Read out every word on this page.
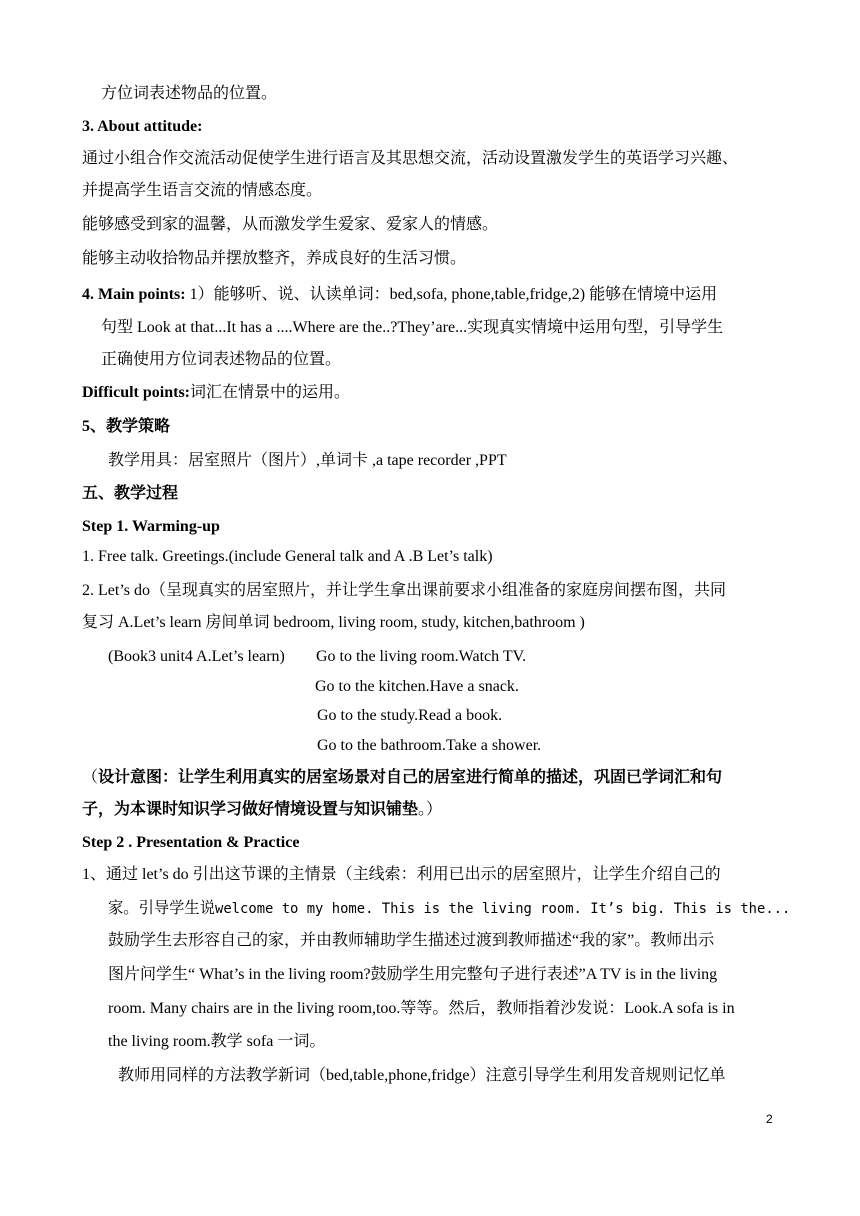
方位词表述物品的位置。
3. About attitude:
通过小组合作交流活动促使学生进行语言及其思想交流，活动设置激发学生的英语学习兴趣、
并提高学生语言交流的情感态度。
能够感受到家的温馨，从而激发学生爱家、爱家人的情感。
能够主动收拾物品并摆放整齐，养成良好的生活习惯。
4. Main points: 1）能够听、说、认读单词：bed,sofa, phone,table,fridge,2) 能够在情境中运用
句型 Look at that...It has a ....Where are the..?They’are...实现真实情境中运用句型，引导学生
正确使用方位词表述物品的位置。
Difficult points:词汇在情景中的运用。
5、教学策略
教学用具：居室照片（图片）,单词卡 ,a tape recorder ,PPT
五、教学过程
Step 1. Warming-up
1. Free talk. Greetings.(include General talk and A .B Let’s talk)
2. Let’s do（呈现真实的居室照片，并让学生拿出课前要求小组准备的家庭房间摆布图，共同
复习 A.Let’s learn 房间单词 bedroom, living room, study, kitchen,bathroom )
(Book3 unit4 A.Let’s learn) Go to the living room.Watch TV.
Go to the kitchen.Have a snack.
Go to the study.Read a book.
Go to the bathroom.Take a shower.
（设计意图：让学生利用真实的居室场景对自己的居室进行简单的描述，巩固已学词汇和句
子，为本课时知识学习做好情境设置与知识铺垫。）
Step 2 . Presentation & Practice
1、通过 let’s do 引出这节课的主情景（主线索：利用已出示的居室照片，让学生介绍自己的
家。引导学生说welcome to my home. This is the living room. It’s big. This is the...
鼓励学生去形容自己的家，并由教师辅助学生描述过渡到教师描述“我的家”。教师出示
图片问学生“ What’s in the living room?鼓励学生用完整句子进行表述”A TV is in the living
room. Many chairs are in the living room,too.等等。然后，教师指着沙发说：Look.A sofa is in
the living room.教学 sofa 一词。
教师用同样的方法教学新词（bed,table,phone,fridge）注意引导学生利用发音规则记忆单
2
